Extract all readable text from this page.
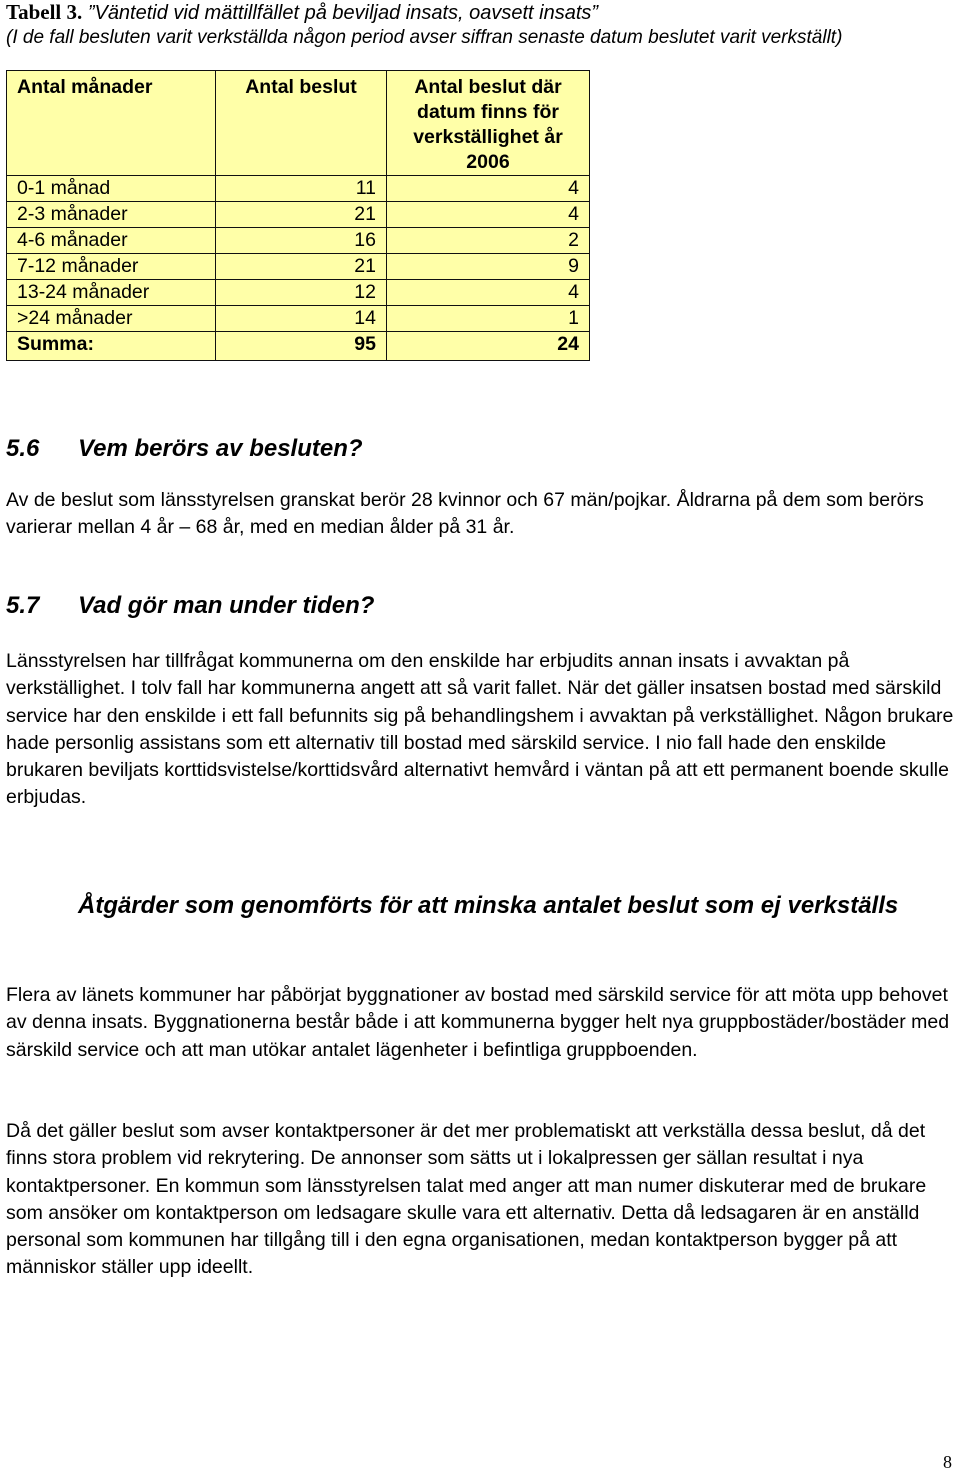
Tabell 3. ”Väntetid vid mättillfället på beviljad insats, oavsett insats”
(I de fall besluten varit verkställda någon period avser siffran senaste datum beslutet varit verkställt)
Antal månader	Antal beslut	Antal beslut där datum finns för verkställighet år 2006
0-1 månad	11	4
2-3 månader	21	4
4-6 månader	16	2
7-12 månader	21	9
13-24 månader	12	4
>24 månader	14	1
Summa:	95	24
5.6 Vem berörs av besluten?

Av de beslut som länsstyrelsen granskat berör 28 kvinnor och 67 män/pojkar. Åldrarna på dem som berörs varierar mellan 4 år – 68 år, med en median ålder på 31 år.

5.7 Vad gör man under tiden?

Länsstyrelsen har tillfrågat kommunerna om den enskilde har erbjudits annan insats i avvaktan på verkställighet. I tolv fall har kommunerna angett att så varit fallet. När det gäller insatsen bostad med särskild service har den enskilde i ett fall befunnits sig på behandlingshem i avvaktan på verkställighet. Någon brukare hade personlig assistans som ett alternativ till bostad med särskild service. I nio fall hade den enskilde brukaren beviljats korttidsvistelse/korttidsvård alternativt hemvård i väntan på att ett permanent boende skulle erbjudas.

Åtgärder som genomförts för att minska antalet beslut som ej verkställs

Flera av länets kommuner har påbörjat byggnationer av bostad med särskild service för att möta upp behovet av denna insats. Byggnationerna består både i att kommunerna bygger helt nya gruppbostäder/bostäder med särskild service och att man utökar antalet lägenheter i befintliga gruppboenden.

Då det gäller beslut som avser kontaktpersoner är det mer problematiskt att verkställa dessa beslut, då det finns stora problem vid rekrytering. De annonser som sätts ut i lokalpressen ger sällan resultat i nya kontaktpersoner. En kommun som länsstyrelsen talat med anger att man numer diskuterar med de brukare som ansöker om kontaktperson om ledsagare skulle vara ett alternativ. Detta då ledsagaren är en anställd personal som kommunen har tillgång till i den egna organisationen, medan kontaktperson bygger på att människor ställer upp ideellt.

8
